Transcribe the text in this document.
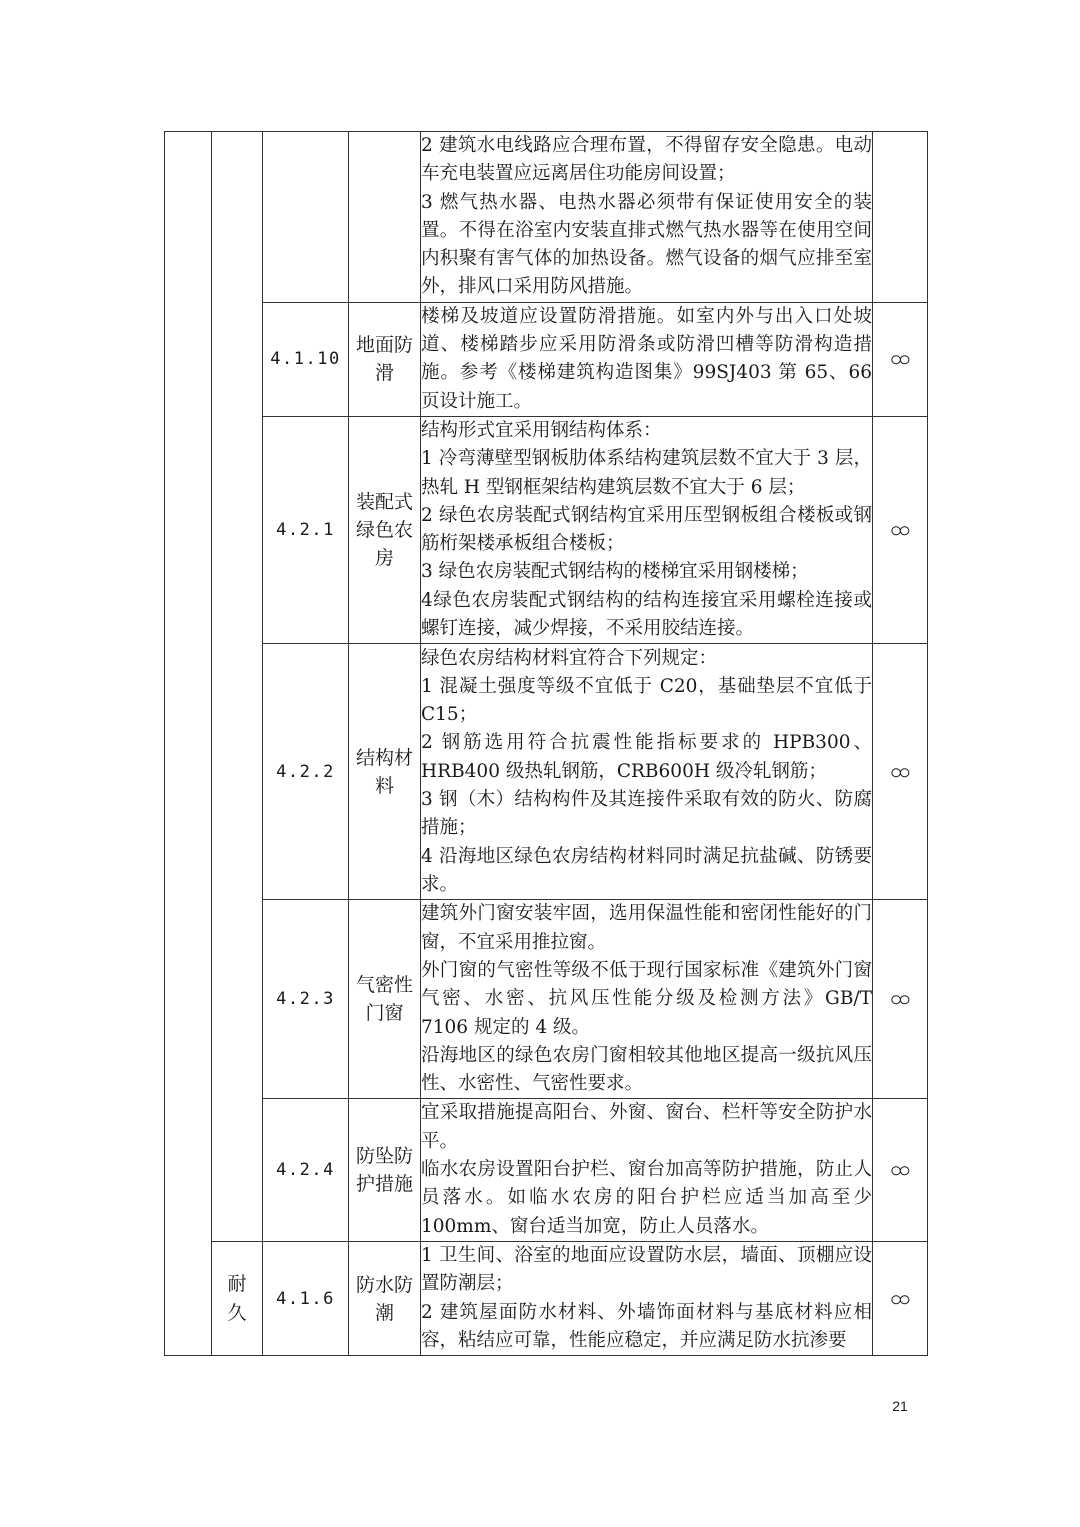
				2 建筑水电线路应合理布置，不得留存安全隐患。电动车充电装置应远离居住功能房间设置；

3 燃气热水器、电热水器必须带有保证使用安全的装置。不得在浴室内安装直排式燃气热水器等在使用空间内积聚有害气体的加热设备。燃气设备的烟气应排至室外，排风口采用防风措施。	

		4.1.10	地面防滑	楼梯及坡道应设置防滑措施。如室内外与出入口处坡道、楼梯踏步应采用防滑条或防滑凹槽等防滑构造措施。参考《楼梯建筑构造图集》99SJ403 第 65、66 页设计施工。	ထ
		4.2.1	装配式绿色农房	结构形式宜采用钢结构体系：

1 冷弯薄壁型钢板肋体系结构建筑层数不宜大于 3 层，热轧 H 型钢框架结构建筑层数不宜大于 6 层；

2 绿色农房装配式钢结构宜采用压型钢板组合楼板或钢筋桁架楼承板组合楼板；

3 绿色农房装配式钢结构的楼梯宜采用钢楼梯；

4绿色农房装配式钢结构的结构连接宜采用螺栓连接或螺钉连接，减少焊接，不采用胶结连接。	ထ
		4.2.2	结构材料	绿色农房结构材料宜符合下列规定：

1 混凝土强度等级不宜低于 C20，基础垫层不宜低于 C15；

2 钢筋选用符合抗震性能指标要求的 HPB300、HRB400 级热轧钢筋，CRB600H 级冷轧钢筋；

3 钢（木）结构构件及其连接件采取有效的防火、防腐措施；

4 沿海地区绿色农房结构材料同时满足抗盐碱、防锈要求。	ထ
		4.2.3	气密性门窗	建筑外门窗安装牢固，选用保温性能和密闭性能好的门窗，不宜采用推拉窗。

外门窗的气密性等级不低于现行国家标准《建筑外门窗气密、水密、抗风压性能分级及检测方法》GB/T 7106 规定的 4 级。

沿海地区的绿色农房门窗相较其他地区提高一级抗风压性、水密性、气密性要求。	ထ
		4.2.4	防坠防护措施	宜采取措施提高阳台、外窗、窗台、栏杆等安全防护水平。

临水农房设置阳台护栏、窗台加高等防护措施，防止人员落水。如临水农房的阳台护栏应适当加高至少 100mm、窗台适当加宽，防止人员落水。	ထ
	耐久	4.1.6	防水防潮	1 卫生间、浴室的地面应设置防水层，墙面、顶棚应设置防潮层；

2 建筑屋面防水材料、外墙饰面材料与基底材料应相容，粘结应可靠，性能应稳定，并应满足防水抗渗要	ထ
21
